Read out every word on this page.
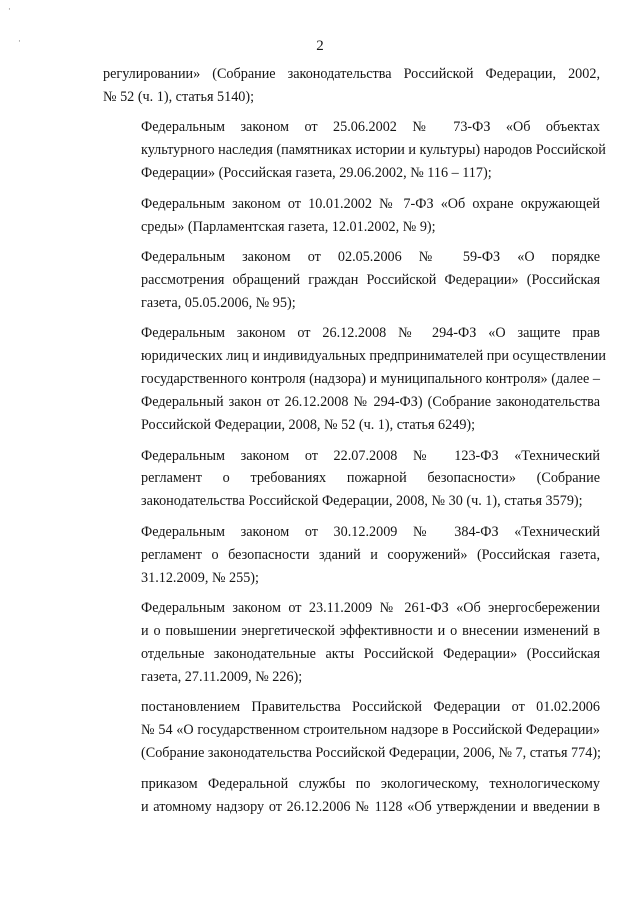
·
·	2
регулировании» (Собрание законодательства Российской Федерации, 2002,
№ 52 (ч. 1), статья 5140);
Федеральным законом от 25.06.2002 № 73-ФЗ «Об объектах
культурного наследия (памятниках истории и культуры) народов Российской
Федерации» (Российская газета, 29.06.2002, № 116 – 117);
Федеральным законом от 10.01.2002 № 7-ФЗ «Об охране окружающей
среды» (Парламентская газета, 12.01.2002, № 9);
Федеральным законом от 02.05.2006 № 59-ФЗ «О порядке
рассмотрения обращений граждан Российской Федерации» (Российская
газета, 05.05.2006, № 95);
Федеральным законом от 26.12.2008 № 294-ФЗ «О защите прав
юридических лиц и индивидуальных предпринимателей при осуществлении
государственного контроля (надзора) и муниципального контроля» (далее –
Федеральный закон от 26.12.2008 № 294-ФЗ) (Собрание законодательства
Российской Федерации, 2008, № 52 (ч. 1), статья 6249);
Федеральным законом от 22.07.2008 № 123-ФЗ «Технический
регламент о требованиях пожарной безопасности» (Собрание
законодательства Российской Федерации, 2008, № 30 (ч. 1), статья 3579);
Федеральным законом от 30.12.2009 № 384-ФЗ «Технический
регламент о безопасности зданий и сооружений» (Российская газета,
31.12.2009, № 255);
Федеральным законом от 23.11.2009 № 261-ФЗ «Об энергосбережении
и о повышении энергетической эффективности и о внесении изменений в
отдельные законодательные акты Российской Федерации» (Российская
газета, 27.11.2009, № 226);
постановлением Правительства Российской Федерации от 01.02.2006
№ 54 «О государственном строительном надзоре в Российской Федерации»
(Собрание законодательства Российской Федерации, 2006, № 7, статья 774);
приказом Федеральной службы по экологическому, технологическому
и атомному надзору от 26.12.2006 № 1128 «Об утверждении и введении в
